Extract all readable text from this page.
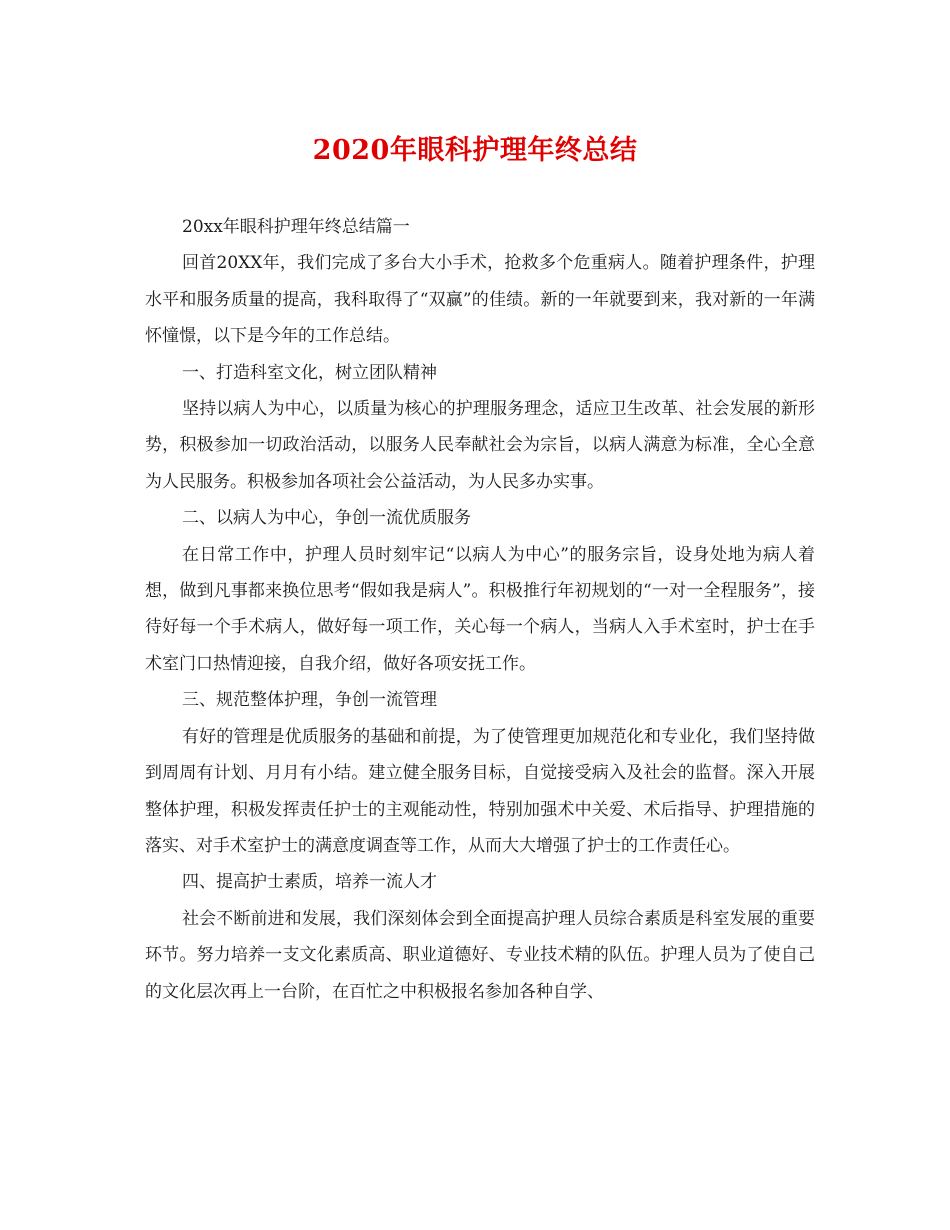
2020年眼科护理年终总结

20xx年眼科护理年终总结篇一

回首20XX年，我们完成了多台大小手术，抢救多个危重病人。随着护理条件，护理水平和服务质量的提高，我科取得了“双赢”的佳绩。新的一年就要到来，我对新的一年满怀憧憬，以下是今年的工作总结。

一、打造科室文化，树立团队精神

坚持以病人为中心，以质量为核心的护理服务理念，适应卫生改革、社会发展的新形势，积极参加一切政治活动，以服务人民奉献社会为宗旨，以病人满意为标准，全心全意为人民服务。积极参加各项社会公益活动，为人民多办实事。

二、以病人为中心，争创一流优质服务

在日常工作中，护理人员时刻牢记“以病人为中心”的服务宗旨，设身处地为病人着想，做到凡事都来换位思考“假如我是病人”。积极推行年初规划的“一对一全程服务”，接待好每一个手术病人，做好每一项工作，关心每一个病人，当病人入手术室时，护士在手术室门口热情迎接，自我介绍，做好各项安抚工作。

三、规范整体护理，争创一流管理

有好的管理是优质服务的基础和前提，为了使管理更加规范化和专业化，我们坚持做到周周有计划、月月有小结。建立健全服务目标，自觉接受病入及社会的监督。深入开展整体护理，积极发挥责任护士的主观能动性，特别加强术中关爱、术后指导、护理措施的落实、对手术室护士的满意度调查等工作，从而大大增强了护士的工作责任心。

四、提高护士素质，培养一流人才

社会不断前进和发展，我们深刻体会到全面提高护理人员综合素质是科室发展的重要环节。努力培养一支文化素质高、职业道德好、专业技术精的队伍。护理人员为了使自己的文化层次再上一台阶，在百忙之中积极报名参加各种自学、
